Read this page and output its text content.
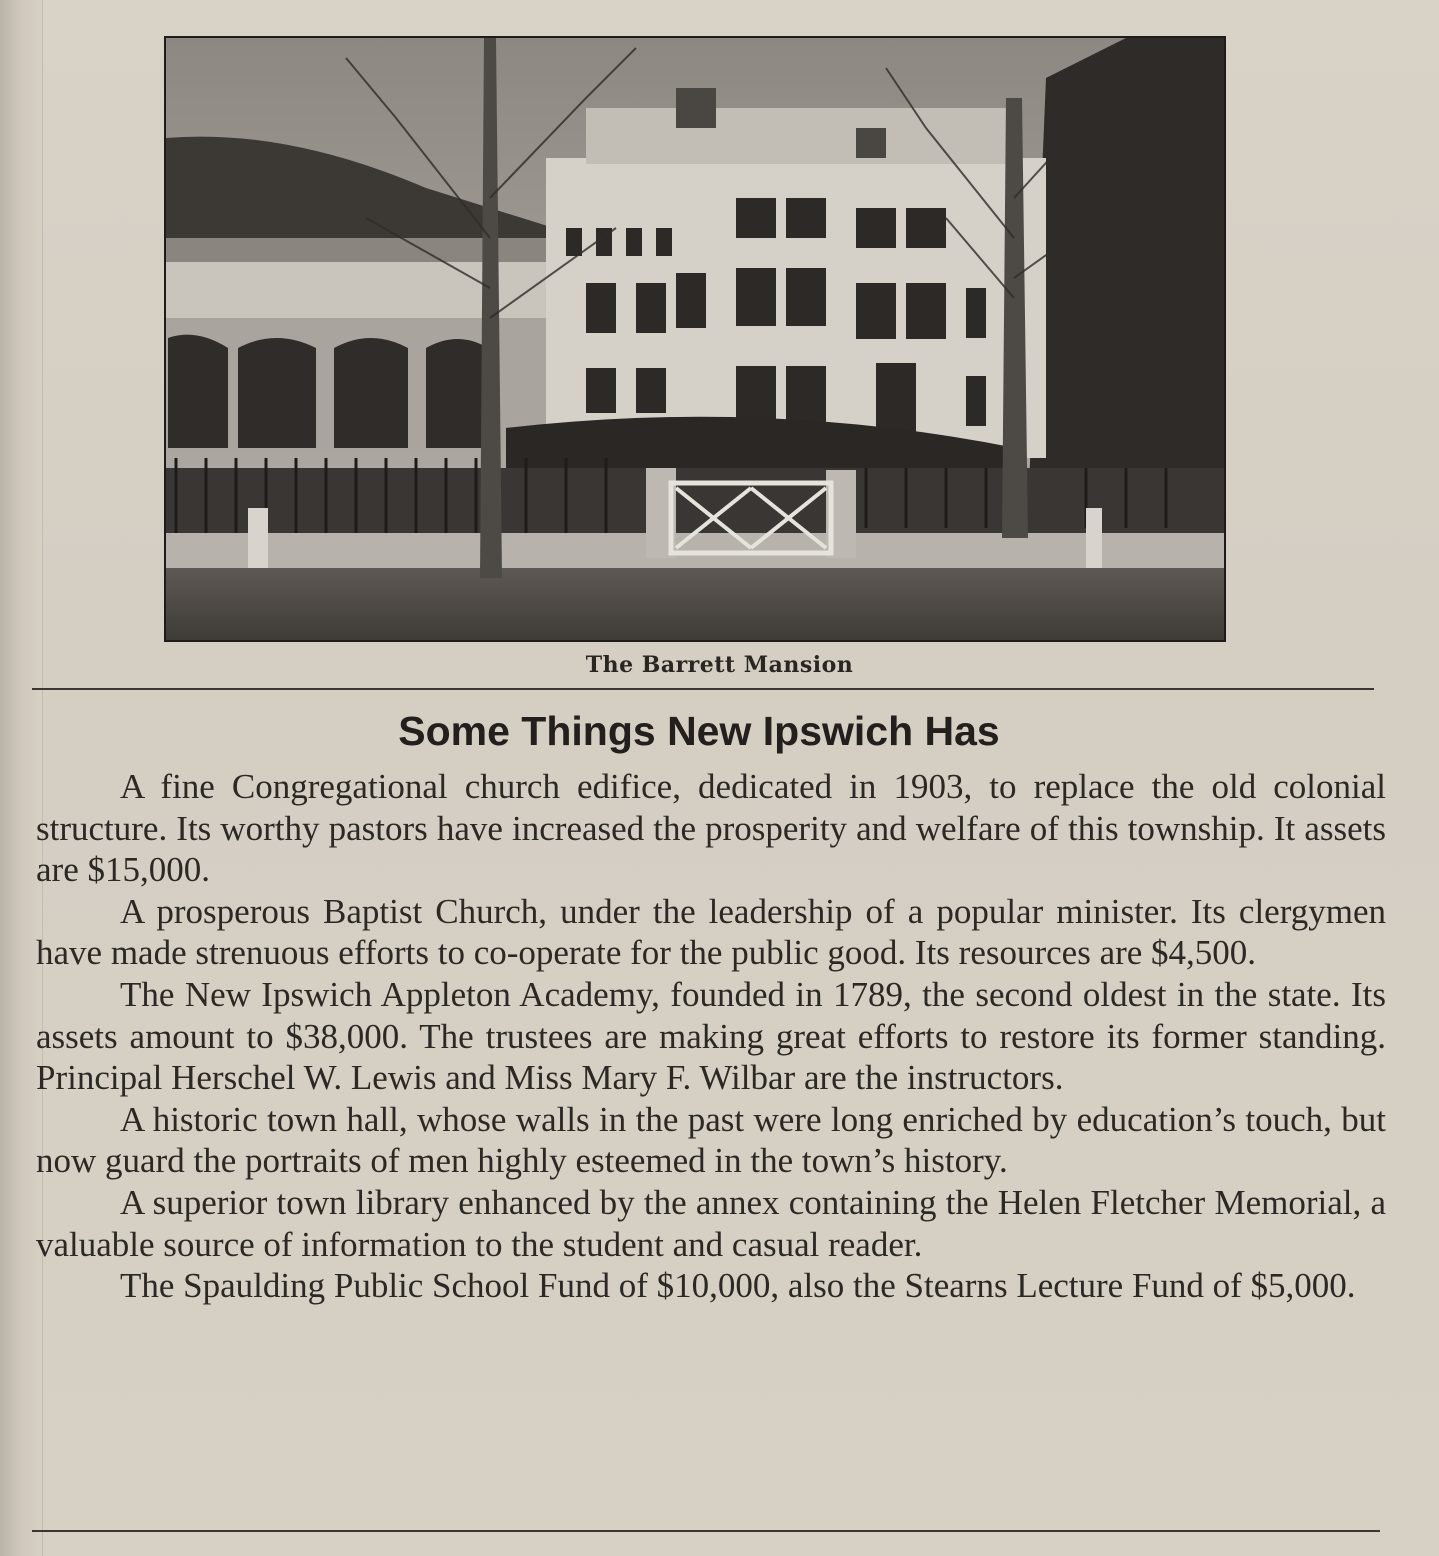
The Barrett Mansion
Some Things New Ipswich Has

A fine Congregational church edifice, dedicated in 1903, to replace the old colonial structure. Its worthy pastors have increased the prosperity and welfare of this township. It assets are $15,000.

A prosperous Baptist Church, under the leadership of a popular minister. Its clergymen have made strenuous efforts to co-operate for the public good. Its resources are $4,500.

The New Ipswich Appleton Academy, founded in 1789, the second oldest in the state. Its assets amount to $38,000. The trustees are making great efforts to restore its former standing. Principal Herschel W. Lewis and Miss Mary F. Wilbar are the instructors.

A historic town hall, whose walls in the past were long enriched by education’s touch, but now guard the portraits of men highly esteemed in the town’s history.

A superior town library enhanced by the annex containing the Helen Fletcher Memorial, a valuable source of information to the student and casual reader.

The Spaulding Public School Fund of $10,000, also the Stearns Lecture Fund of $5,000.
